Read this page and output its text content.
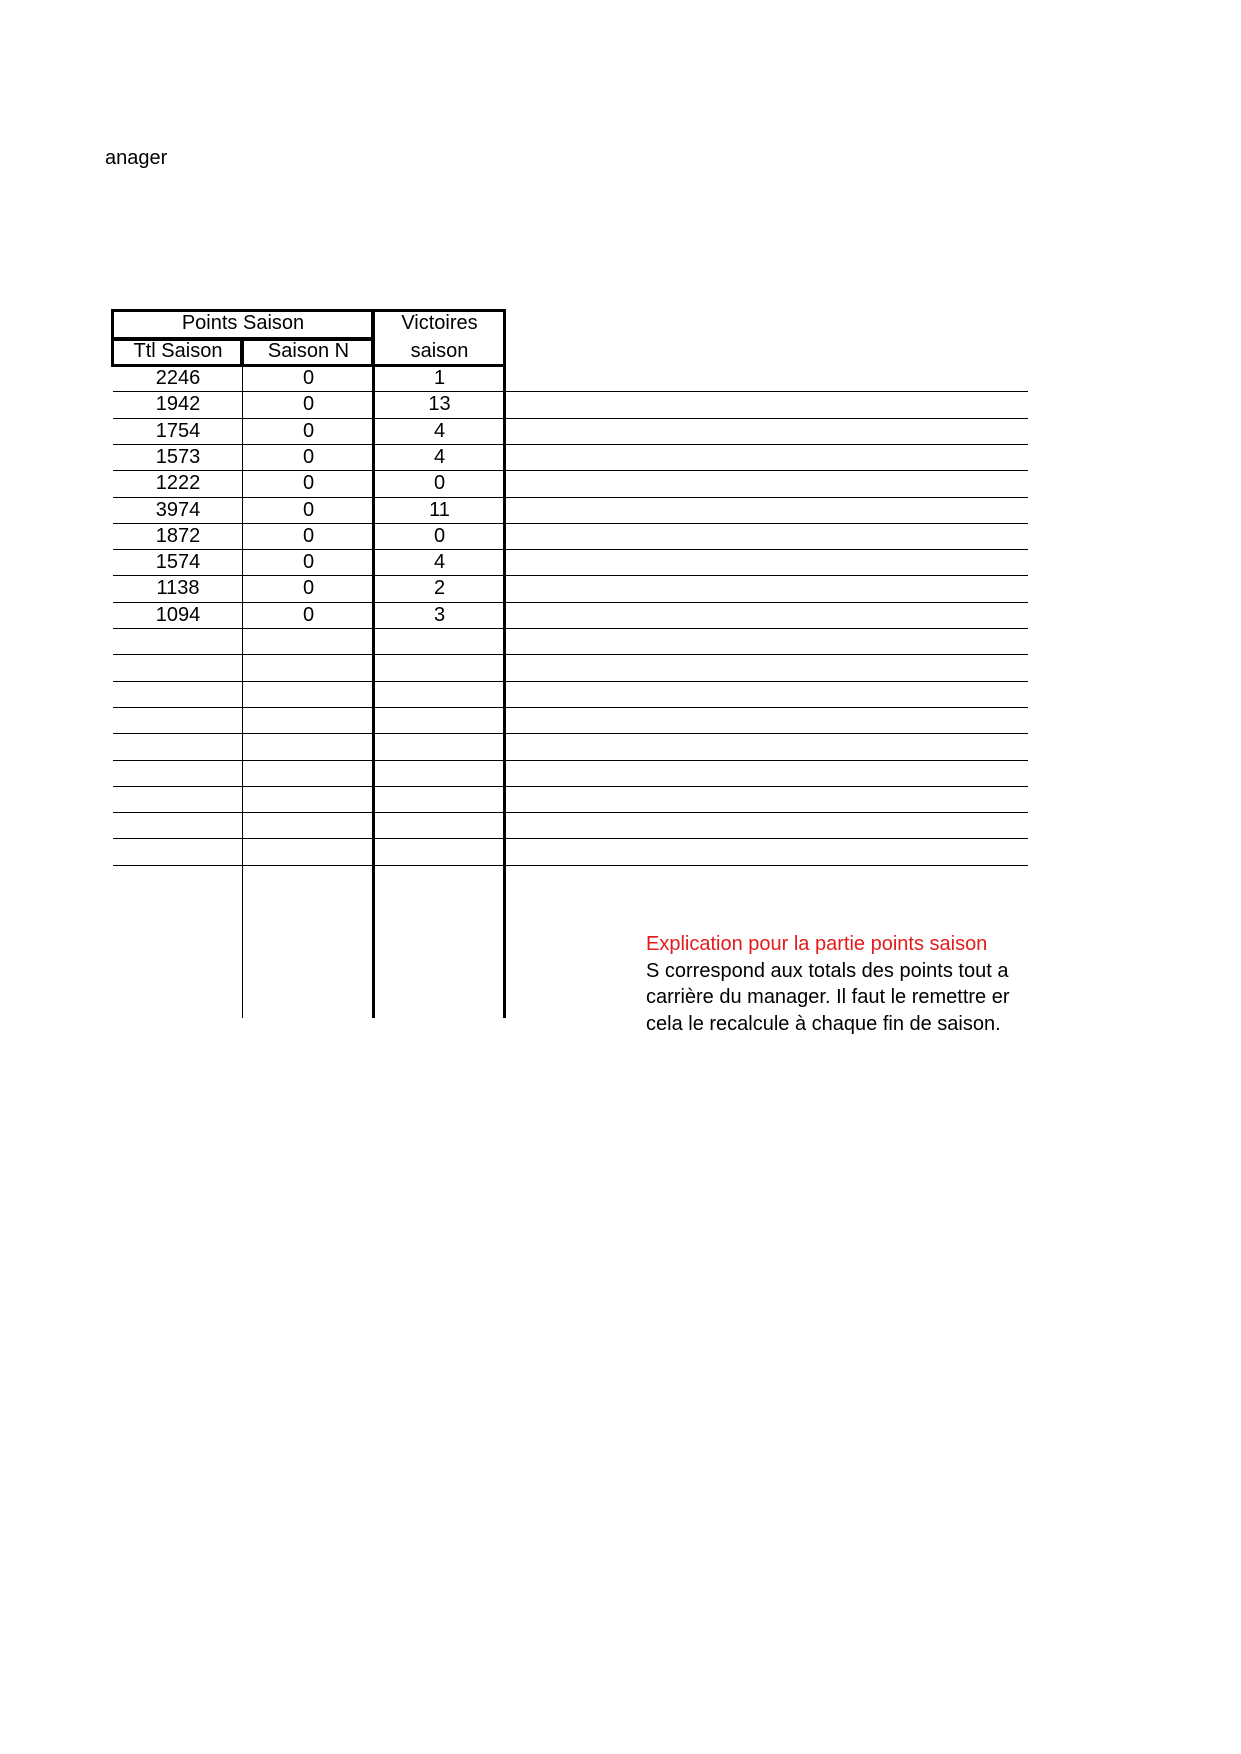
anager
Points Saison	Victoires
Ttl Saison	Saison N	saison
2246	0	1
1942	0	13
1754	0	4
1573	0	4
1222	0	0
3974	0	11
1872	0	0
1574	0	4
1138	0	2
1094	0	3
Explication pour la partie points saison
S correspond aux totals des points tout a
carrière du manager. Il faut le remettre er
cela le recalcule à chaque fin de saison.
